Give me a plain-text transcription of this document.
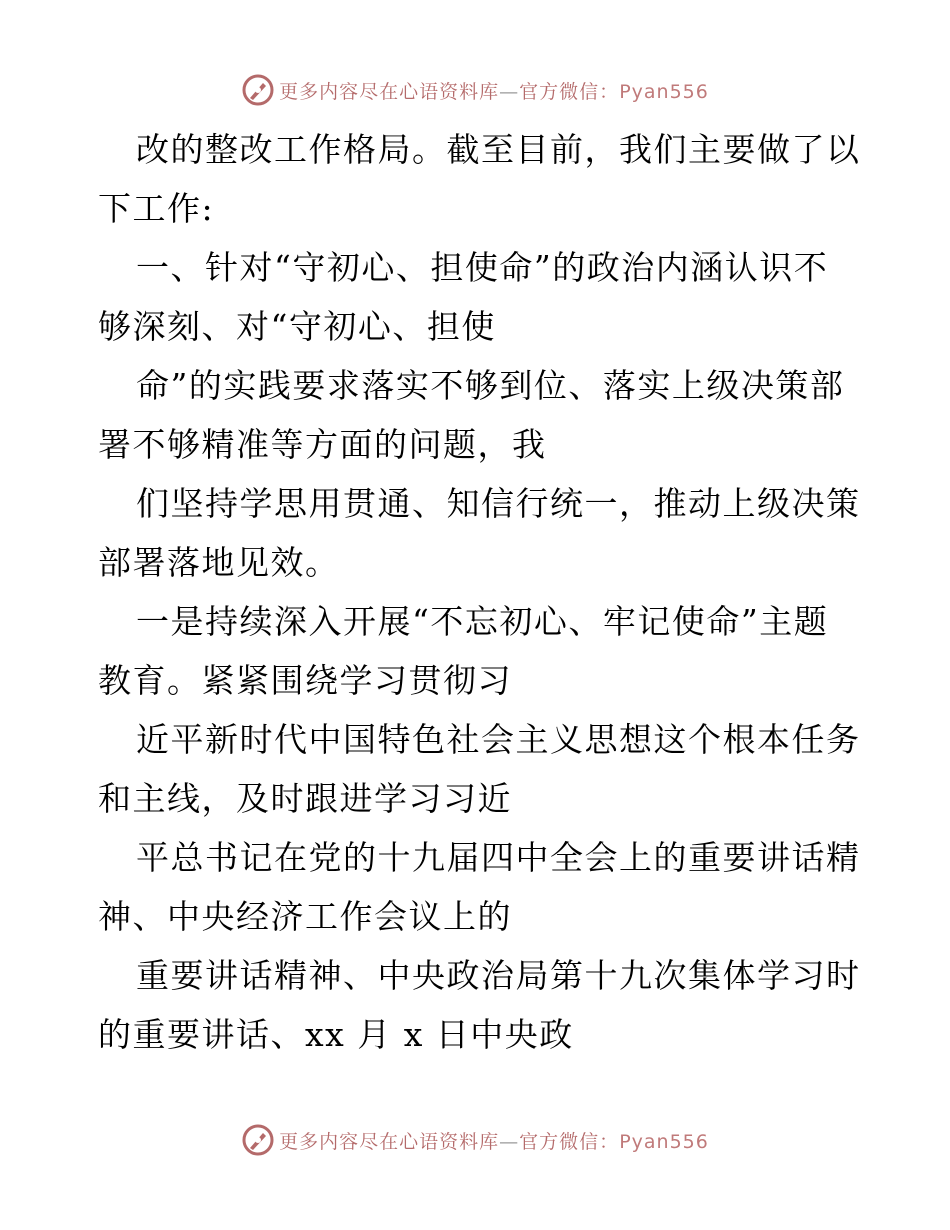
更多内容尽在心语资料库—官方微信：Pyan556
改的整改工作格局。截至目前，我们主要做了以
下工作:
一、针对“守初心、担使命”的政治内涵认识不
够深刻、对“守初心、担使
命”的实践要求落实不够到位、落实上级决策部
署不够精准等方面的问题，我
们坚持学思用贯通、知信行统一，推动上级决策
部署落地见效。
一是持续深入开展“不忘初心、牢记使命”主题
教育。紧紧围绕学习贯彻习
近平新时代中国特色社会主义思想这个根本任务
和主线，及时跟进学习习近
平总书记在党的十九届四中全会上的重要讲话精
神、中央经济工作会议上的
重要讲话精神、中央政治局第十九次集体学习时
的重要讲话、xx 月 x 日中央政
更多内容尽在心语资料库—官方微信：Pyan556
